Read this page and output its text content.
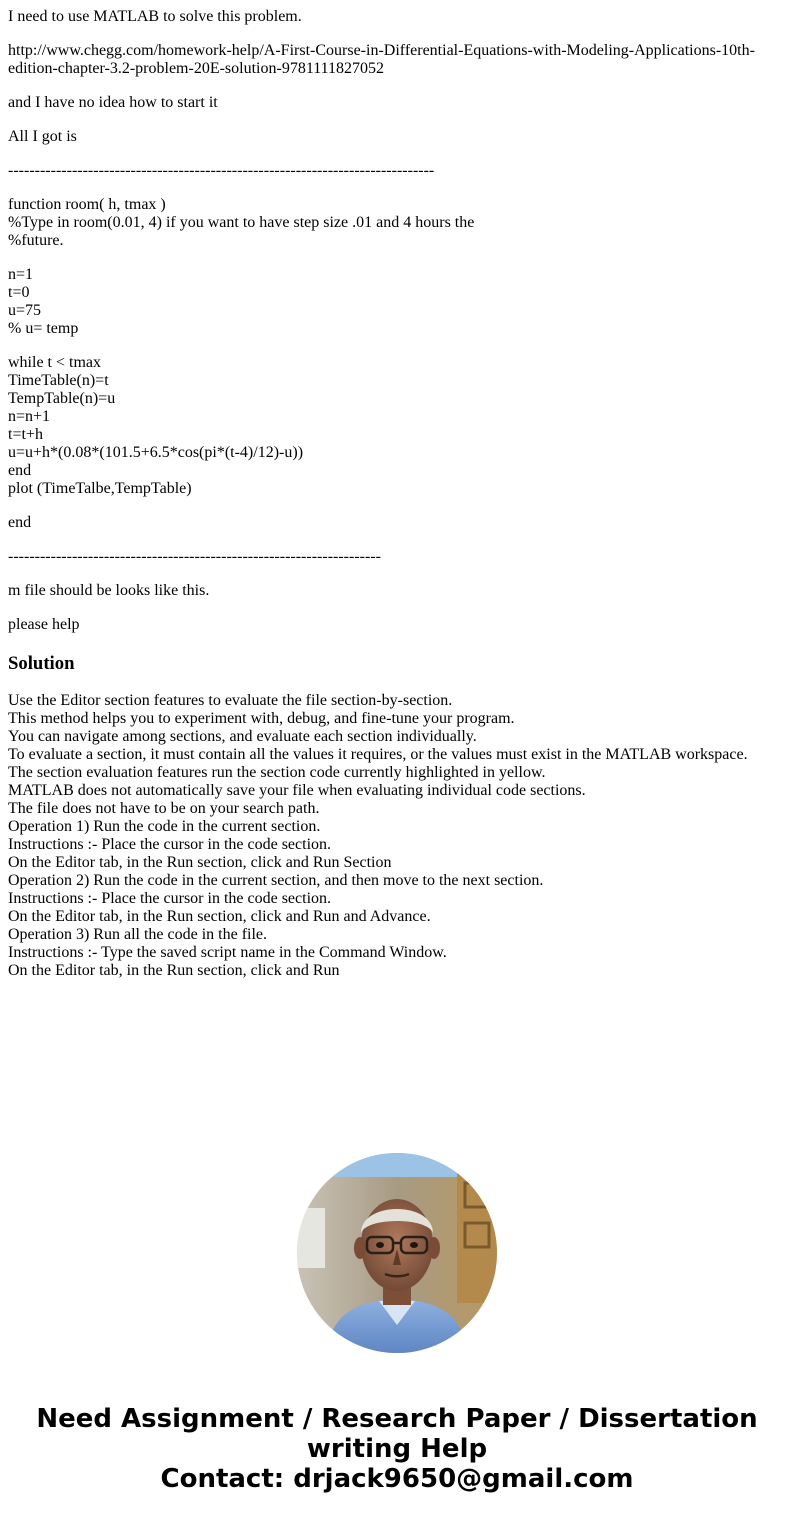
I need to use MATLAB to solve this problem.
http://www.chegg.com/homework-help/A-First-Course-in-Differential-Equations-with-Modeling-Applications-10th-edition-chapter-3.2-problem-20E-solution-9781111827052
and I have no idea how to start it
All I got is
--------------------------------------------------------------------------------
function room( h, tmax )
%Type in room(0.01, 4) if you want to have step size .01 and 4 hours the
%future.
n=1
t=0
u=75
% u= temp
while t < tmax
TimeTable(n)=t
TempTable(n)=u
n=n+1
t=t+h
u=u+h*(0.08*(101.5+6.5*cos(pi*(t-4)/12)-u))
end
plot (TimeTalbe,TempTable)
end
----------------------------------------------------------------------
m file should be looks like this.
please help
Solution
Use the Editor section features to evaluate the file section-by-section.
This method helps you to experiment with, debug, and fine-tune your program.
You can navigate among sections, and evaluate each section individually.
To evaluate a section, it must contain all the values it requires, or the values must exist in the MATLAB workspace.
The section evaluation features run the section code currently highlighted in yellow.
MATLAB does not automatically save your file when evaluating individual code sections.
The file does not have to be on your search path.
Operation 1) Run the code in the current section.
Instructions :- Place the cursor in the code section.
On the Editor tab, in the Run section, click and Run Section
Operation 2) Run the code in the current section, and then move to the next section.
Instructions :- Place the cursor in the code section.
On the Editor tab, in the Run section, click and Run and Advance.
Operation 3) Run all the code in the file.
Instructions :- Type the saved script name in the Command Window.
On the Editor tab, in the Run section, click and Run
Need Assignment / Research Paper / Dissertation
writing Help
Contact: drjack9650@gmail.com
